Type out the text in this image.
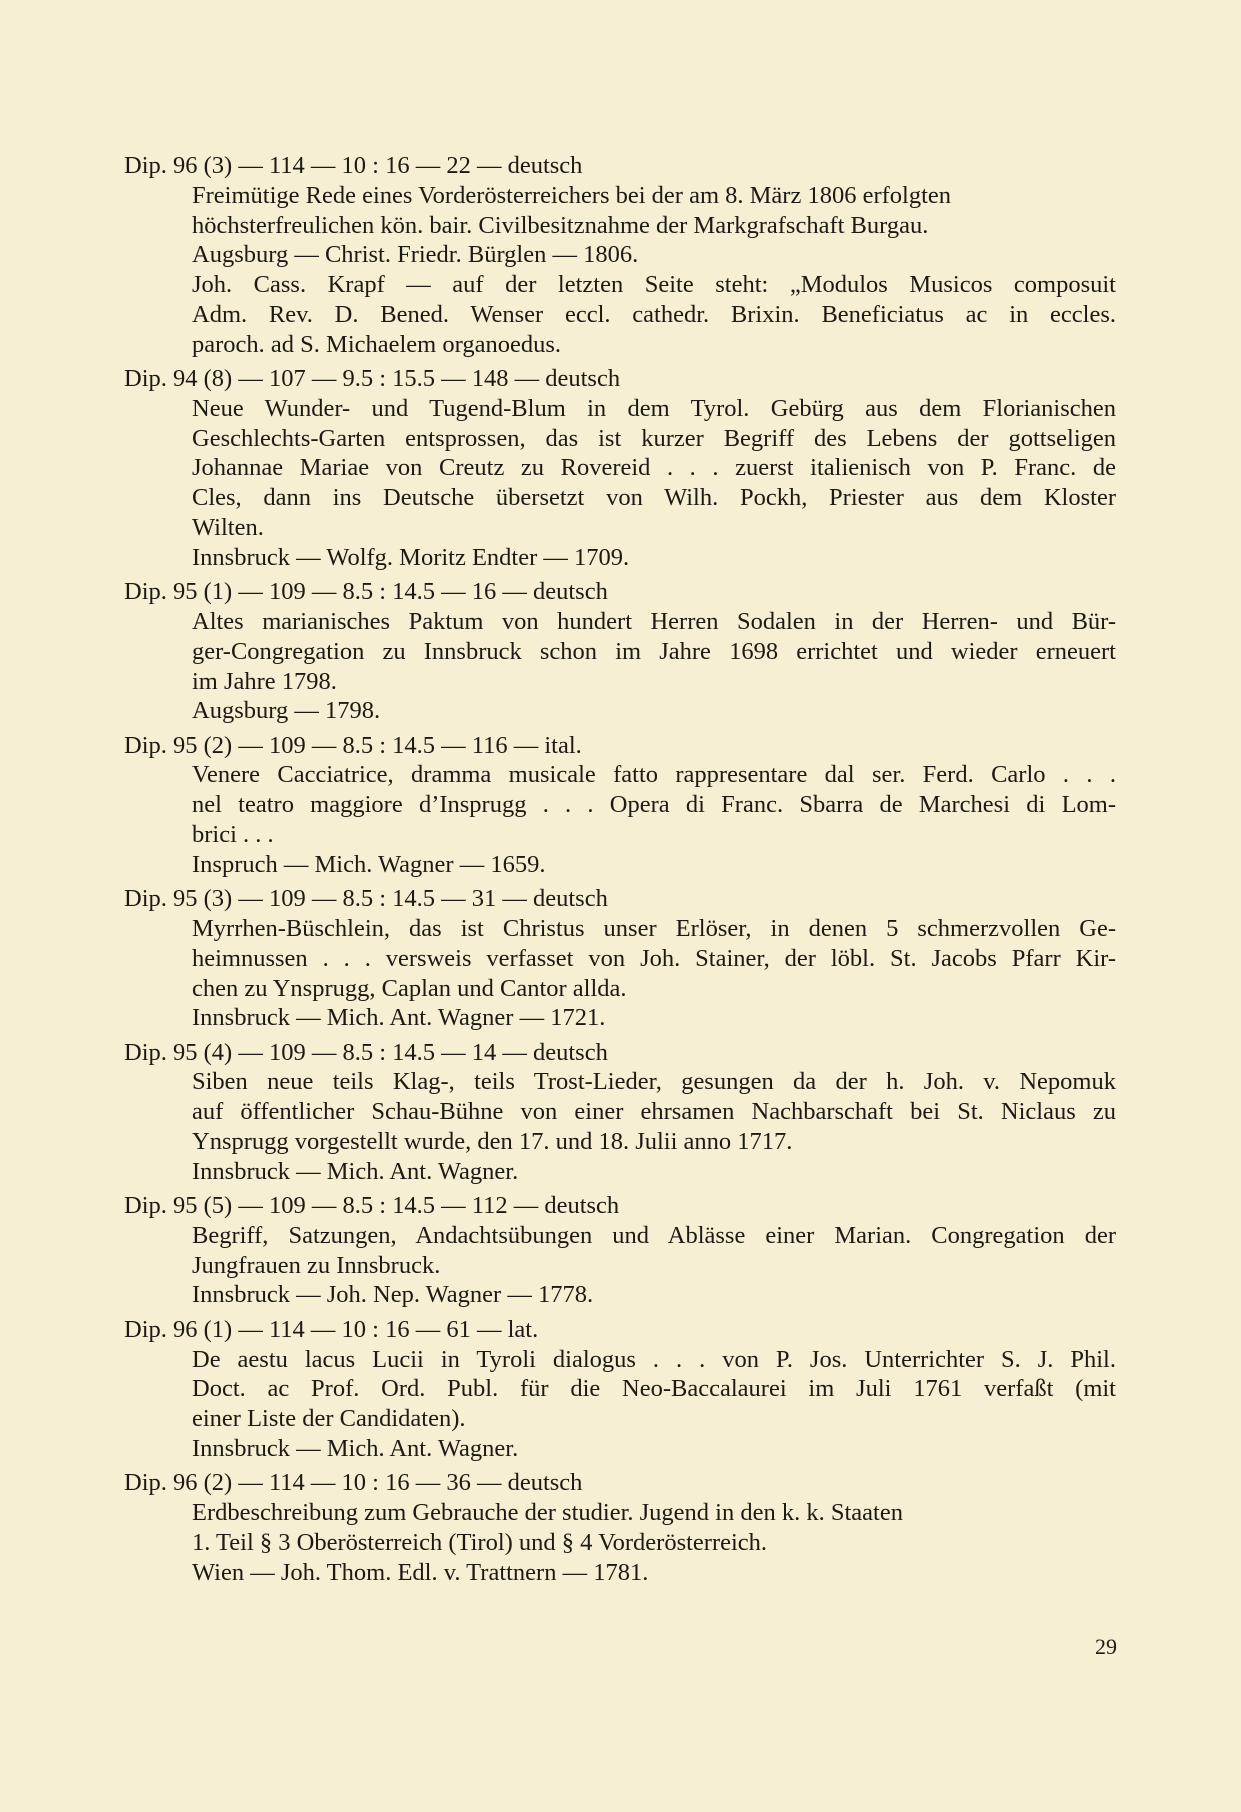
Dip. 96 (3) — 114 — 10 : 16 — 22 — deutsch
Freimütige Rede eines Vorderösterreichers bei der am 8. März 1806 erfolgten
höchsterfreulichen kön. bair. Civilbesitznahme der Markgrafschaft Burgau.
Augsburg — Christ. Friedr. Bürglen — 1806.
Joh. Cass. Krapf — auf der letzten Seite steht: „Modulos Musicos composuit
Adm. Rev. D. Bened. Wenser eccl. cathedr. Brixin. Beneficiatus ac in eccles.
paroch. ad S. Michaelem organoedus.
Dip. 94 (8) — 107 — 9.5 : 15.5 — 148 — deutsch
Neue Wunder- und Tugend-Blum in dem Tyrol. Gebürg aus dem Florianischen
Geschlechts-Garten entsprossen, das ist kurzer Begriff des Lebens der gottseligen
Johannae Mariae von Creutz zu Rovereid . . . zuerst italienisch von P. Franc. de
Cles, dann ins Deutsche übersetzt von Wilh. Pockh, Priester aus dem Kloster
Wilten.
Innsbruck — Wolfg. Moritz Endter — 1709.
Dip. 95 (1) — 109 — 8.5 : 14.5 — 16 — deutsch
Altes marianisches Paktum von hundert Herren Sodalen in der Herren- und Bür-
ger-Congregation zu Innsbruck schon im Jahre 1698 errichtet und wieder erneuert
im Jahre 1798.
Augsburg — 1798.
Dip. 95 (2) — 109 — 8.5 : 14.5 — 116 — ital.
Venere Cacciatrice, dramma musicale fatto rappresentare dal ser. Ferd. Carlo . . .
nel teatro maggiore d’Insprugg . . . Opera di Franc. Sbarra de Marchesi di Lom-
brici . . .
Inspruch — Mich. Wagner — 1659.
Dip. 95 (3) — 109 — 8.5 : 14.5 — 31 — deutsch
Myrrhen-Büschlein, das ist Christus unser Erlöser, in denen 5 schmerzvollen Ge-
heimnussen . . . versweis verfasset von Joh. Stainer, der löbl. St. Jacobs Pfarr Kir-
chen zu Ynsprugg, Caplan und Cantor allda.
Innsbruck — Mich. Ant. Wagner — 1721.
Dip. 95 (4) — 109 — 8.5 : 14.5 — 14 — deutsch
Siben neue teils Klag-, teils Trost-Lieder, gesungen da der h. Joh. v. Nepomuk
auf öffentlicher Schau-Bühne von einer ehrsamen Nachbarschaft bei St. Niclaus zu
Ynsprugg vorgestellt wurde, den 17. und 18. Julii anno 1717.
Innsbruck — Mich. Ant. Wagner.
Dip. 95 (5) — 109 — 8.5 : 14.5 — 112 — deutsch
Begriff, Satzungen, Andachtsübungen und Ablässe einer Marian. Congregation der
Jungfrauen zu Innsbruck.
Innsbruck — Joh. Nep. Wagner — 1778.
Dip. 96 (1) — 114 — 10 : 16 — 61 — lat.
De aestu lacus Lucii in Tyroli dialogus . . . von P. Jos. Unterrichter S. J. Phil.
Doct. ac Prof. Ord. Publ. für die Neo-Baccalaurei im Juli 1761 verfaßt (mit
einer Liste der Candidaten).
Innsbruck — Mich. Ant. Wagner.
Dip. 96 (2) — 114 — 10 : 16 — 36 — deutsch
Erdbeschreibung zum Gebrauche der studier. Jugend in den k. k. Staaten
1. Teil § 3 Oberösterreich (Tirol) und § 4 Vorderösterreich.
Wien — Joh. Thom. Edl. v. Trattnern — 1781.
29
